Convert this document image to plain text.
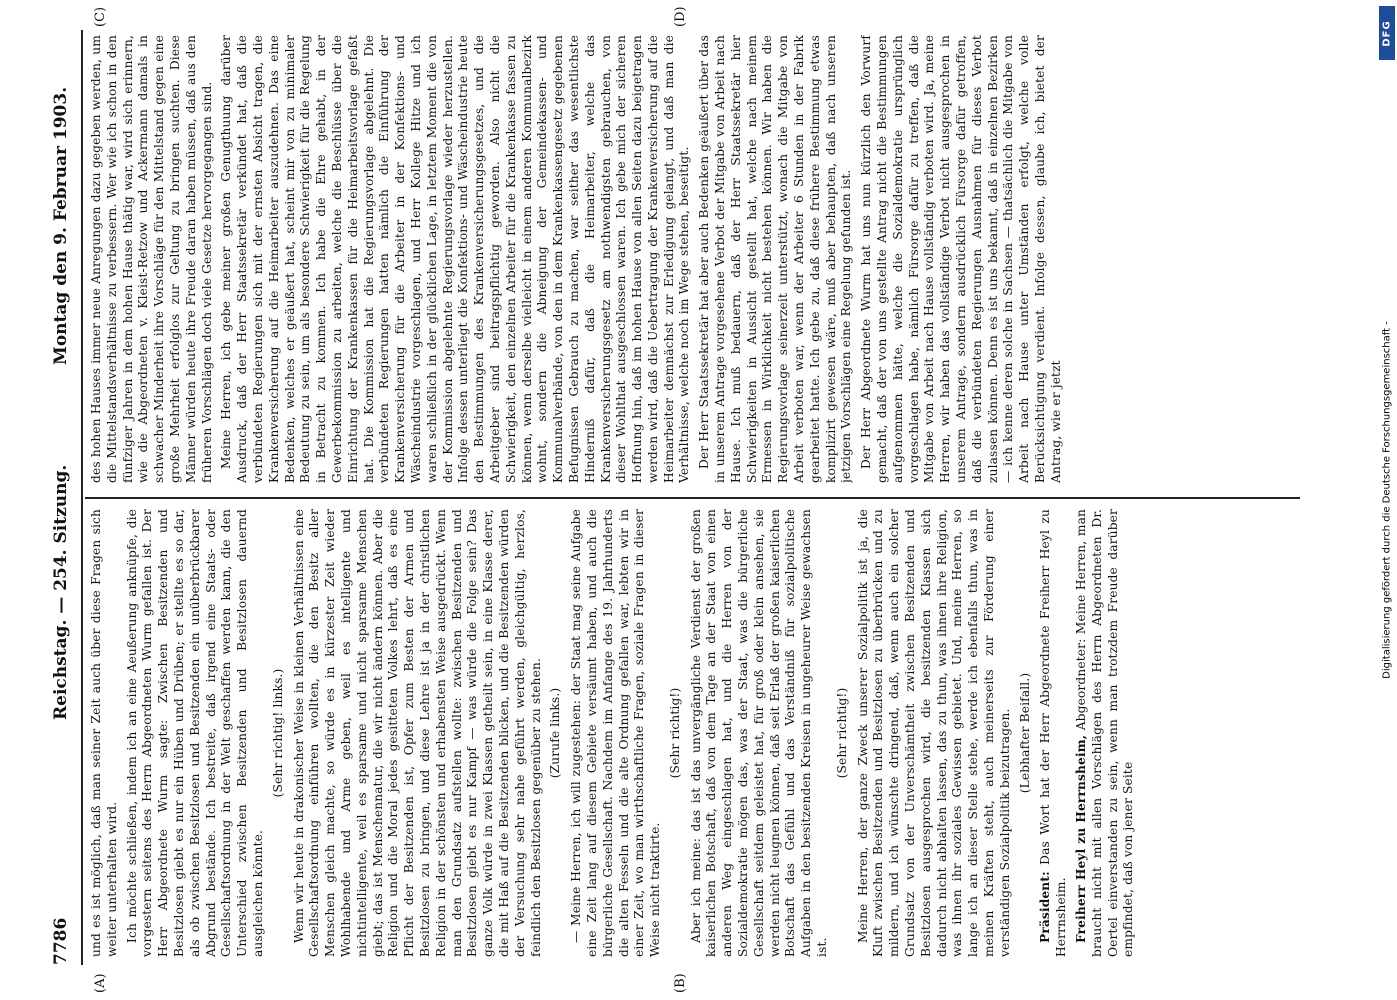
7786
Reichstag. — 254. Sitzung.
Montag den 9. Februar 1903.
(A)	(B)
(C)	(D)

und es ist möglich, daß man seiner Zeit auch über diese Fragen sich weiter unterhalten wird. Ich möchte schließen, indem ich an eine Aeußerung anknüpfe, die vorgestern seitens des Herrn Abgeordneten Wurm gefallen ist. Der Herr Abgeordnete Wurm sagte: Zwischen Besitzenden und Besitzlosen giebt es nur ein Hüben und Drüben; er stellte es so dar, als ob zwischen Besitzlosen und Besitzenden ein unüberbrückbarer Abgrund bestände. Ich bestreite, daß irgend eine Staats- oder Gesellschaftsordnung in der Welt geschaffen werden kann, die den Unterschied zwischen Besitzenden und Besitzlosen dauernd ausgleichen könnte.

(Sehr richtig! links.) Wenn wir heute in drakonischer Weise in kleinen Verhältnissen eine Gesellschaftsordnung einführen wollten, die den Besitz aller Menschen gleich machte, so würde es in kürzester Zeit wieder Wohlhabende und Arme geben, weil es intelligente und nichtintelligente, weil es sparsame und nicht sparsame Menschen giebt; das ist Menschennatur, die wir nicht ändern können. Aber die Religion und die Moral jedes gesitteten Volkes lehrt, daß es eine Pflicht der Besitzenden ist, Opfer zum Besten der Armen und Besitzlosen zu bringen, und diese Lehre ist ja in der christlichen Religion in der schönsten und erhabensten Weise ausgedrückt. Wenn man den Grundsatz aufstellen wollte: zwischen Besitzenden und Besitzlosen giebt es nur Kampf — was würde die Folge sein? Das ganze Volk würde in zwei Klassen getheilt sein, in eine Klasse derer, die mit Haß auf die Besitzenden blicken, und die Besitzenden würden der Versuchung sehr nahe geführt werden, gleichgültig, herzlos, feindlich den Besitzlosen gegenüber zu stehen. (Zurufe links.) — Meine Herren, ich will zugestehen: der Staat mag seine Aufgabe eine Zeit lang auf diesem Gebiete versäumt haben, und auch die bürgerliche Gesellschaft. Nachdem im Anfange des 19. Jahrhunderts die alten Fesseln und die alte Ordnung gefallen war, lebten wir in einer Zeit, wo man wirthschaftliche Fragen, soziale Fragen in dieser Weise nicht traktirte.

(Sehr richtig!) Aber ich meine: das ist das unvergängliche Verdienst der großen kaiserlichen Botschaft, daß von dem Tage an der Staat von einen anderen Weg eingeschlagen hat, und die Herren von der Sozialdemokratie mögen das, was der Staat, was die bürgerliche Gesellschaft seitdem geleistet hat, für groß oder klein ansehen, sie werden nicht leugnen können, daß seit Erlaß der großen kaiserlichen Botschaft das Gefühl und das Verständniß für sozialpolitische Aufgaben in den besitzenden Kreisen in ungeheurer Weise gewachsen ist.

(Sehr richtig!) Meine Herren, der ganze Zweck unserer Sozialpolitik ist ja, die Kluft zwischen Besitzenden und Besitzlosen zu überbrücken und zu mildern, und ich wünschte dringend, daß, wenn auch ein solcher Grundsatz von der Unverschämtheit zwischen Besitzenden und Besitzlosen ausgesprochen wird, die besitzenden Klassen sich dadurch nicht abhalten lassen, das zu thun, was ihnen ihre Religion, was ihnen ihr soziales Gewissen gebietet. Und, meine Herren, so lange ich an dieser Stelle stehe, werde ich ebenfalls thun, was in meinen Kräften steht, auch meinerseits zur Förderung einer verständigen Sozialpolitik beizutragen. (Lebhafter Beifall.)

Präsident: Das Wort hat der Herr Abgeordnete Freiherr Heyl zu Herrnsheim. Freiherr Heyl zu Herrnsheim, Abgeordneter: Meine Herren, man braucht nicht mit allen Vorschlägen des Herrn Abgeordneten Dr. Oertel einverstanden zu sein, wenn man trotzdem Freude darüber empfindet, daß von jener Seite

des hohen Hauses immer neue Anregungen dazu gegeben werden, um die Mittelstandsverhältnisse zu verbessern. Wer wie ich schon in den fünfziger Jahren in dem hohen Hause thätig war, wird sich erinnern, wie die Abgeordneten v. Kleist-Retzow und Ackermann damals in schwacher Minderheit ihre Vorschläge für den Mittelstand gegen eine große Mehrheit erfolglos zur Geltung zu bringen suchten. Diese Männer würden heute ihre Freude daran haben müssen, daß aus den früheren Vorschlägen doch viele Gesetze hervorgegangen sind. Meine Herren, ich gebe meiner großen Genugthuung darüber Ausdruck, daß der Herr Staatssekretär verkündet hat, daß die verbündeten Regierungen sich mit der ernsten Absicht tragen, die Krankenversicherung auf die Heimarbeiter auszudehnen. Das eine Bedenken, welches er geäußert hat, scheint mir von zu minimaler Bedeutung zu sein, um als besondere Schwierigkeit für die Regelung in Betracht zu kommen. Ich habe die Ehre gehabt, in der Gewerbekommission zu arbeiten, welche die Beschlüsse über die Einrichtung der Krankenkassen für die Heimarbeitsvorlage gefaßt hat. Die Kommission hat die Regierungsvorlage abgelehnt. Die verbündeten Regierungen hatten nämlich die Einführung der Krankenversicherung für die Arbeiter in der Konfektions- und Wäscheindustrie vorgeschlagen, und Herr Kollege Hitze und ich waren schließlich in der glücklichen Lage, in letztem Moment die von der Kommission abgelehnte Regierungsvorlage wieder herzustellen. Infolge dessen unterliegt die Konfektions- und Wäscheindustrie heute den Bestimmungen des Krankenversicherungsgesetzes, und die Arbeitgeber sind beitragspflichtig geworden. Also nicht die Schwierigkeit, den einzelnen Arbeiter für die Krankenkasse fassen zu können, wenn derselbe vielleicht in einem anderen Kommunalbezirk wohnt, sondern die Abneigung der Gemeindekassen- und Kommunalverbände, von den in dem Krankenkassengesetz gegebenen Befugnissen Gebrauch zu machen, war seither das wesentlichste Hinderniß dafür, daß die Heimarbeiter, welche das Krankenversicherungsgesetz am nothwendigsten gebrauchen, von dieser Wohlthat ausgeschlossen waren. Ich gebe mich der sicheren Hoffnung hin, daß im hohen Hause von allen Seiten dazu beigetragen werden wird, daß die Uebertragung der Krankenversicherung auf die Heimarbeiter demnächst zur Erledigung gelangt, und daß man die Verhältnisse, welche noch im Wege stehen, beseitigt. Der Herr Staatssekretär hat aber auch Bedenken geäußert über das in unserem Antrage vorgesehene Verbot der Mitgabe von Arbeit nach Hause. Ich muß bedauern, daß der Herr Staatssekretär hier Schwierigkeiten in Aussicht gestellt hat, welche nach meinem Ermessen in Wirklichkeit nicht bestehen können. Wir haben die Regierungsvorlage seinerzeit unterstützt, wonach die Mitgabe von Arbeit verboten war, wenn der Arbeiter 6 Stunden in der Fabrik gearbeitet hatte. Ich gebe zu, daß diese frühere Bestimmung etwas komplizirt gewesen wäre, muß aber behaupten, daß nach unseren jetzigen Vorschlägen eine Regelung gefunden ist. Der Herr Abgeordnete Wurm hat uns nun kürzlich den Vorwurf gemacht, daß der von uns gestellte Antrag nicht die Bestimmungen aufgenommen hätte, welche die Sozialdemokratie ursprünglich vorgeschlagen habe, nämlich Fürsorge dafür zu treffen, daß die Mitgabe von Arbeit nach Hause vollständig verboten wird. Ja, meine Herren, wir haben das vollständige Verbot nicht ausgesprochen in unserem Antrage, sondern ausdrücklich Fürsorge dafür getroffen, daß die verbündeten Regierungen Ausnahmen für dieses Verbot zulassen können. Denn es ist uns bekannt, daß in einzelnen Bezirken — ich kenne deren solche in Sachsen — thatsächlich die Mitgabe von Arbeit nach Hause unter Umständen erfolgt, welche volle Berücksichtigung verdient. Infolge dessen, glaube ich, bietet der Antrag, wie er jetzt

DFG
Digitalisierung gefördert durch die Deutsche Forschungsgemeinschaft -
